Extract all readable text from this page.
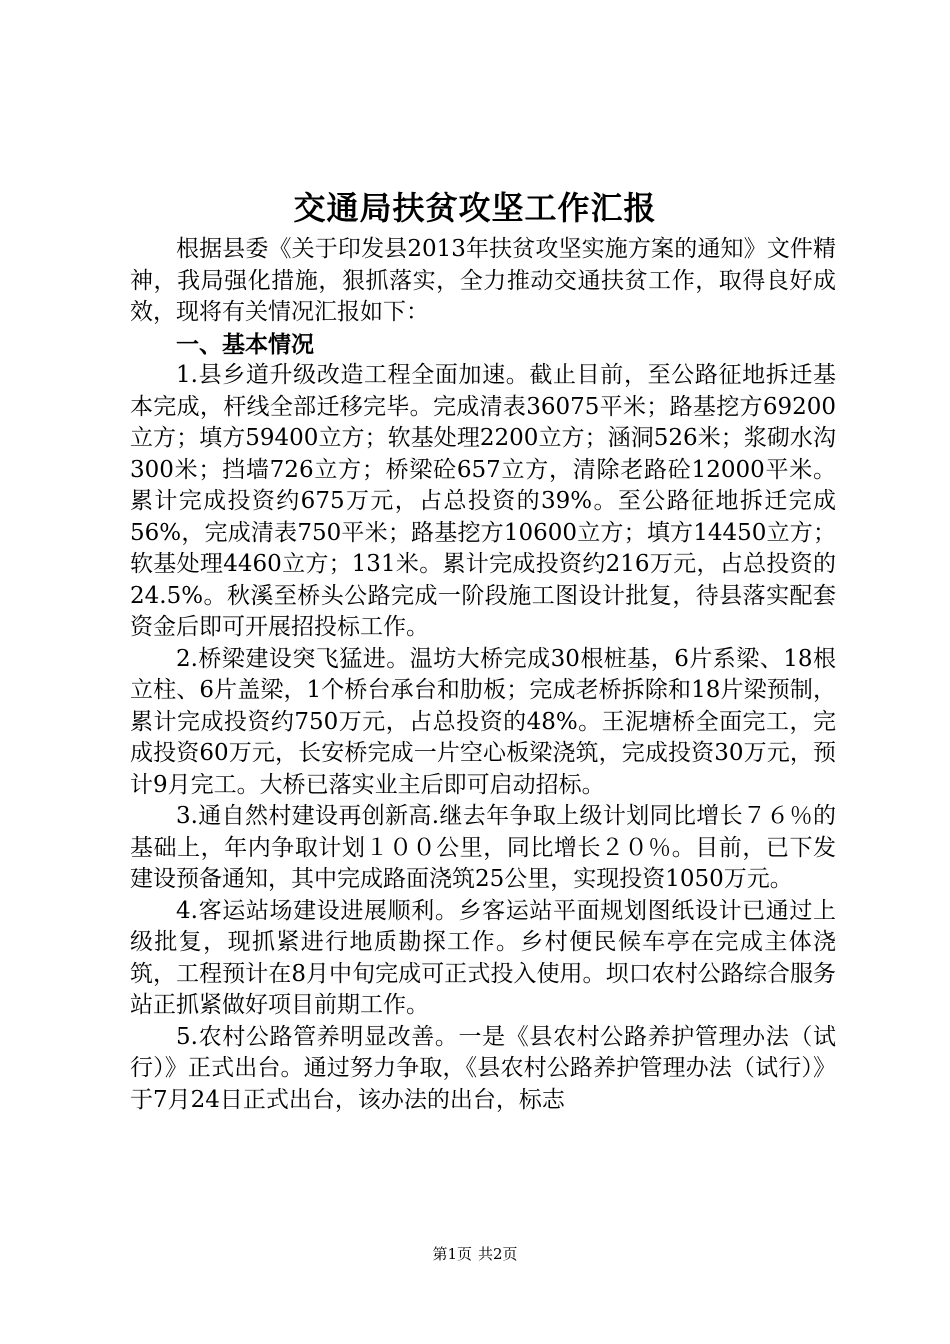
交通局扶贫攻坚工作汇报

根据县委《关于印发县2013年扶贫攻坚实施方案的通知》文件精神，我局强化措施，狠抓落实，全力推动交通扶贫工作，取得良好成效，现将有关情况汇报如下：

一、基本情况

1.县乡道升级改造工程全面加速。截止目前，至公路征地拆迁基本完成，杆线全部迁移完毕。完成清表36075平米；路基挖方69200立方；填方59400立方；软基处理2200立方；涵洞526米；浆砌水沟300米；挡墙726立方；桥梁砼657立方，清除老路砼12000平米。累计完成投资约675万元，占总投资的39%。至公路征地拆迁完成56%，完成清表750平米；路基挖方10600立方；填方14450立方；软基处理4460立方；131米。累计完成投资约216万元，占总投资的24.5%。秋溪至桥头公路完成一阶段施工图设计批复，待县落实配套资金后即可开展招投标工作。

2.桥梁建设突飞猛进。温坊大桥完成30根桩基，6片系梁、18根立柱、6片盖梁，1个桥台承台和肋板；完成老桥拆除和18片梁预制，累计完成投资约750万元，占总投资的48%。王泥塘桥全面完工，完成投资60万元，长安桥完成一片空心板梁浇筑，完成投资30万元，预计9月完工。大桥已落实业主后即可启动招标。

3.通自然村建设再创新高.继去年争取上级计划同比增长７６％的基础上，年内争取计划１００公里，同比增长２０％。目前，已下发建设预备通知，其中完成路面浇筑25公里，实现投资1050万元。

4.客运站场建设进展顺利。乡客运站平面规划图纸设计已通过上级批复，现抓紧进行地质勘探工作。乡村便民候车亭在完成主体浇筑，工程预计在8月中旬完成可正式投入使用。坝口农村公路综合服务站正抓紧做好项目前期工作。

5.农村公路管养明显改善。一是《县农村公路养护管理办法（试行）》正式出台。通过努力争取，《县农村公路养护管理办法（试行）》于7月24日正式出台，该办法的出台，标志

第1页 共2页
